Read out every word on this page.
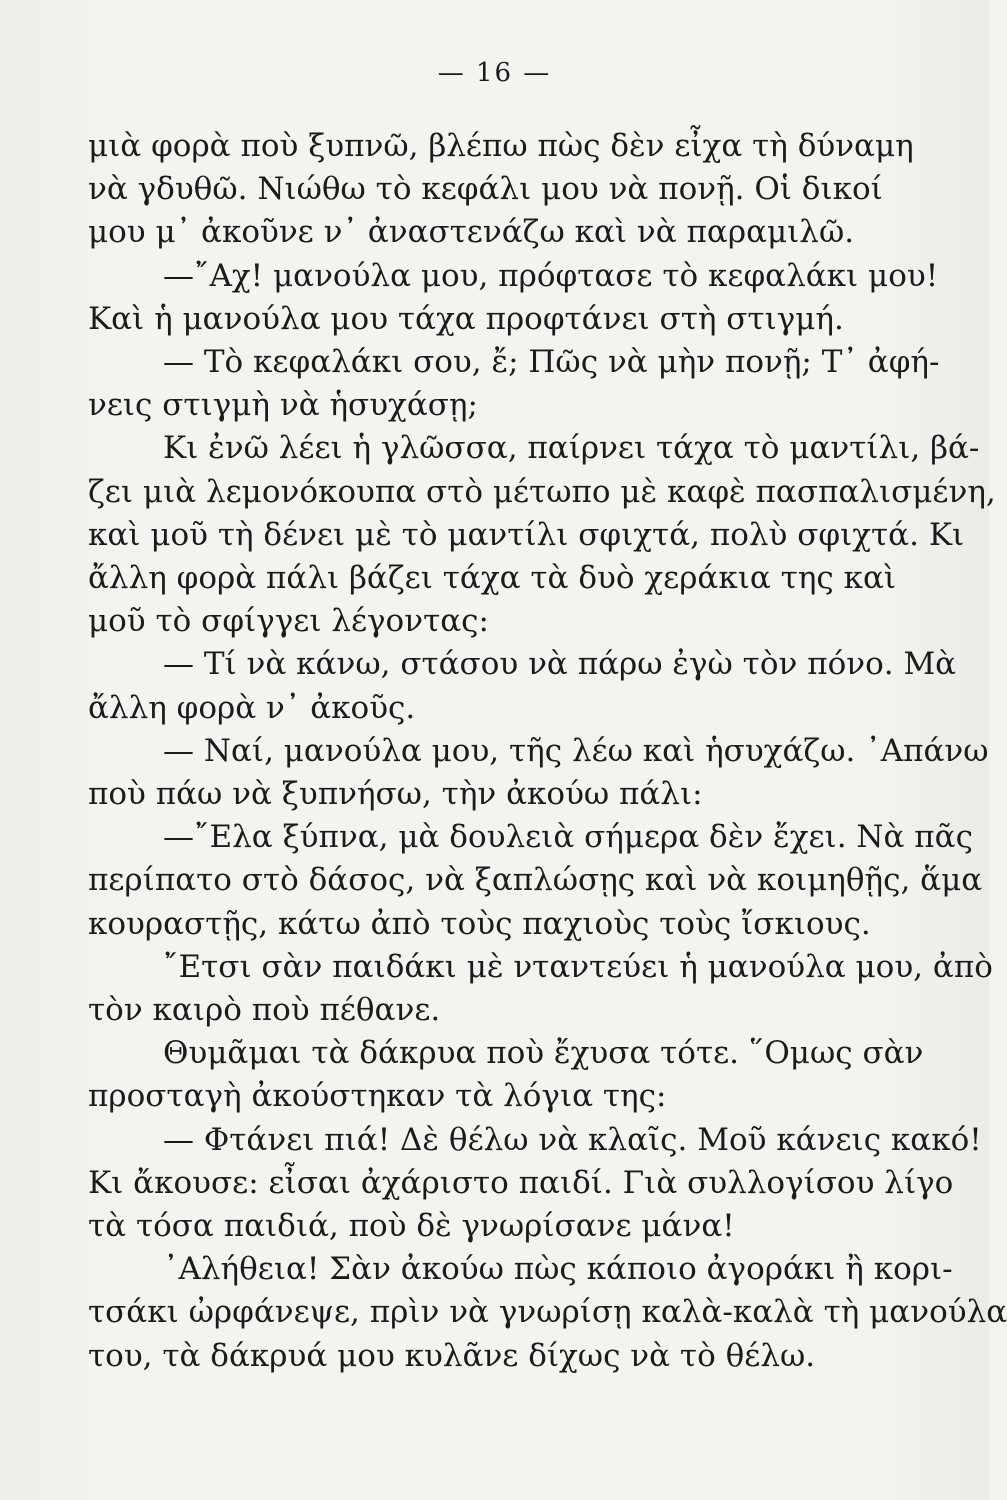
— 16 —
μιὰ φορὰ ποὺ ξυπνῶ, βλέπω πὼς δὲν εἶχα τὴ δύναμη
νὰ γδυθῶ. Νιώθω τὸ κεφάλι μου νὰ πονῇ. Οἱ δικοί
μου μ᾽ ἀκοῦνε ν᾽ ἀναστενάζω καὶ νὰ παραμιλῶ.
—῎Αχ! μανούλα μου, πρόφτασε τὸ κεφαλάκι μου!
Καὶ ἡ μανούλα μου τάχα προφτάνει στὴ στιγμή.
— Τὸ κεφαλάκι σου, ἔ; Πῶς νὰ μὴν πονῇ; Τ᾽ ἀφή-
νεις στιγμὴ νὰ ἡσυχάσῃ;
Κι ἐνῶ λέει ἡ γλῶσσα, παίρνει τάχα τὸ μαντίλι, βά-
ζει μιὰ λεμονόκουπα στὸ μέτωπο μὲ καφὲ πασπαλισμένη,
καὶ μοῦ τὴ δένει μὲ τὸ μαντίλι σφιχτά, πολὺ σφιχτά. Κι
ἄλλη φορὰ πάλι βάζει τάχα τὰ δυὸ χεράκια της καὶ
μοῦ τὸ σφίγγει λέγοντας:
— Τί νὰ κάνω, στάσου νὰ πάρω ἐγὼ τὸν πόνο. Μὰ
ἄλλη φορὰ ν᾽ ἀκοῦς.
— Ναί, μανούλα μου, τῆς λέω καὶ ἡσυχάζω. ᾽Απάνω
ποὺ πάω νὰ ξυπνήσω, τὴν ἀκούω πάλι:
—῎Ελα ξύπνα, μὰ δουλειὰ σήμερα δὲν ἔχει. Νὰ πᾶς
περίπατο στὸ δάσος, νὰ ξαπλώσῃς καὶ νὰ κοιμηθῇς, ἅμα
κουραστῇς, κάτω ἀπὸ τοὺς παχιοὺς τοὺς ἴσκιους.
῎Ετσι σὰν παιδάκι μὲ νταντεύει ἡ μανούλα μου, ἀπὸ
τὸν καιρὸ ποὺ πέθανε.
Θυμᾶμαι τὰ δάκρυα ποὺ ἔχυσα τότε. ῞Ομως σὰν
προσταγὴ ἀκούστηκαν τὰ λόγια της:
— Φτάνει πιά! Δὲ θέλω νὰ κλαῖς. Μοῦ κάνεις κακό!
Κι ἄκουσε: εἶσαι ἀχάριστο παιδί. Γιὰ συλλογίσου λίγο
τὰ τόσα παιδιά, ποὺ δὲ γνωρίσανε μάνα!
᾽Αλήθεια! Σὰν ἀκούω πὼς κάποιο ἀγοράκι ἢ κορι-
τσάκι ὠρφάνεψε, πρὶν νὰ γνωρίσῃ καλὰ-καλὰ τὴ μανούλα
του, τὰ δάκρυά μου κυλᾶνε δίχως νὰ τὸ θέλω.
